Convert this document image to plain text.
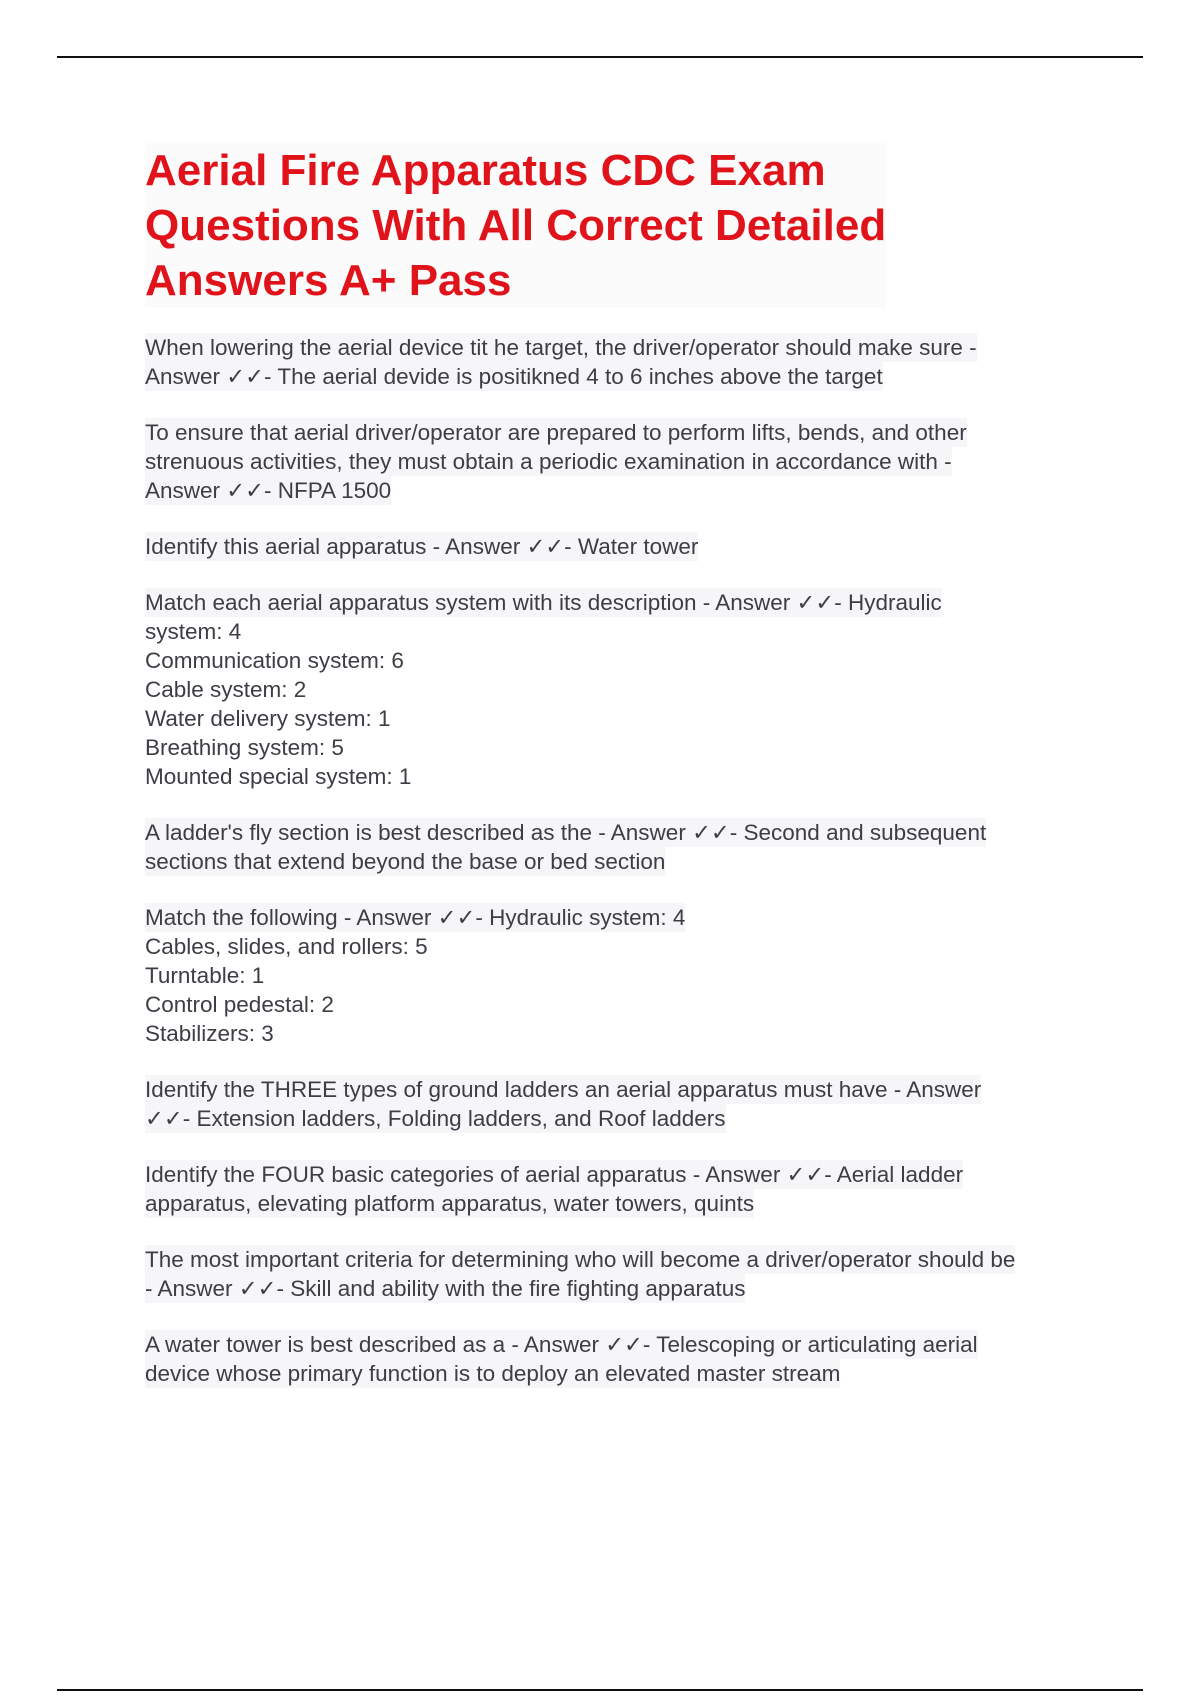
Aerial Fire Apparatus CDC Exam
Questions With All Correct Detailed
Answers A+ Pass
When lowering the aerial device tit he target, the driver/operator should make sure -
Answer ✓✓- The aerial devide is positikned 4 to 6 inches above the target
To ensure that aerial driver/operator are prepared to perform lifts, bends, and other
strenuous activities, they must obtain a periodic examination in accordance with -
Answer ✓✓- NFPA 1500
Identify this aerial apparatus - Answer ✓✓- Water tower
Match each aerial apparatus system with its description - Answer ✓✓- Hydraulic
system: 4
Communication system: 6
Cable system: 2
Water delivery system: 1
Breathing system: 5
Mounted special system: 1
A ladder's fly section is best described as the - Answer ✓✓- Second and subsequent
sections that extend beyond the base or bed section
Match the following - Answer ✓✓- Hydraulic system: 4
Cables, slides, and rollers: 5
Turntable: 1
Control pedestal: 2
Stabilizers: 3
Identify the THREE types of ground ladders an aerial apparatus must have - Answer
✓✓- Extension ladders, Folding ladders, and Roof ladders
Identify the FOUR basic categories of aerial apparatus - Answer ✓✓- Aerial ladder
apparatus, elevating platform apparatus, water towers, quints
The most important criteria for determining who will become a driver/operator should be
- Answer ✓✓- Skill and ability with the fire fighting apparatus
A water tower is best described as a - Answer ✓✓- Telescoping or articulating aerial
device whose primary function is to deploy an elevated master stream
